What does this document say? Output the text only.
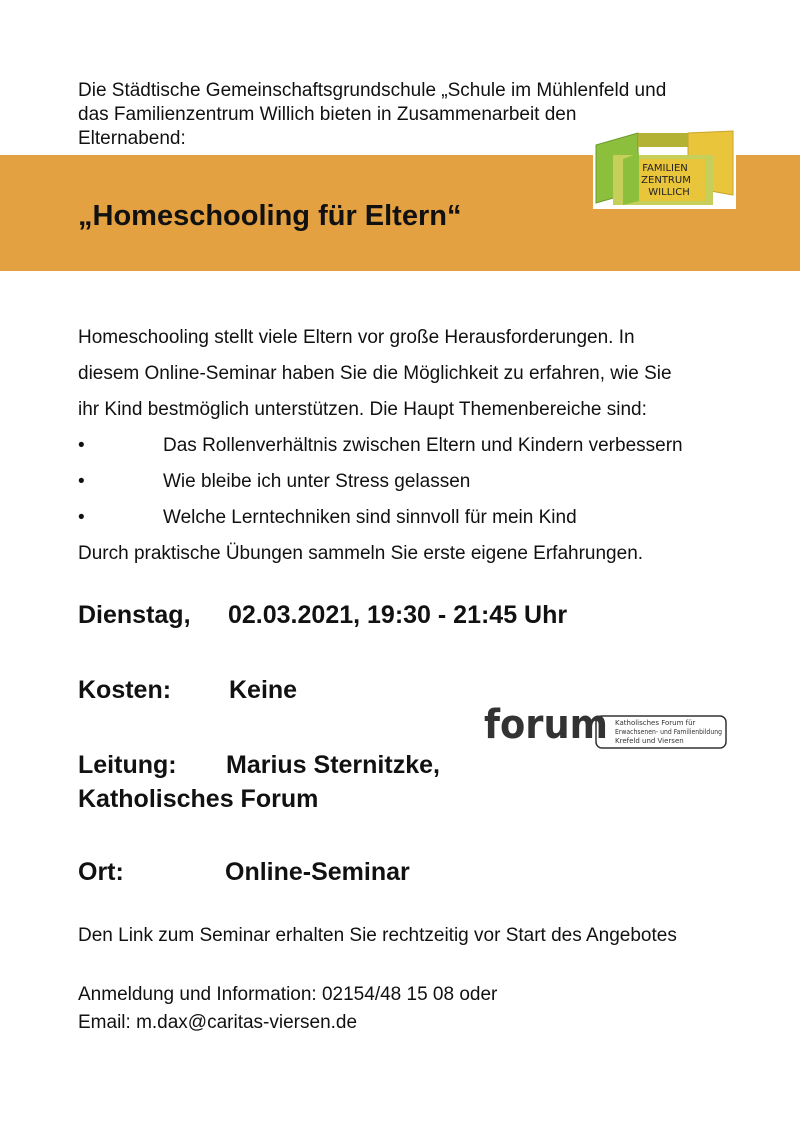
Die Städtische Gemeinschaftsgrundschule „Schule im Mühlenfeld und
das Familienzentrum Willich bieten in Zusammenarbeit den
Elternabend:
„Homeschooling für Eltern“
FAMILIEN
ZENTRUM
WILLICH
Homeschooling stellt viele Eltern vor große Herausforderungen. In
diesem Online-Seminar haben Sie die Möglichkeit zu erfahren, wie Sie
ihr Kind bestmöglich unterstützen. Die Haupt Themenbereiche sind:
•	Das Rollenverhältnis zwischen Eltern und Kindern verbessern
•	Wie bleibe ich unter Stress gelassen
•	Welche Lerntechniken sind sinnvoll für mein Kind
Durch praktische Übungen sammeln Sie erste eigene Erfahrungen.
Dienstag, 02.03.2021, 19:30 - 21:45 Uhr
Kosten: Keine
Leitung: Marius Sternitzke,
Katholisches Forum
Ort:	Online-Seminar
forum Katholisches Forum für
Erwachsenen- und Familienbildung
Krefeld und Viersen
Den Link zum Seminar erhalten Sie rechtzeitig vor Start des Angebotes
Anmeldung und Information: 02154/48 15 08 oder
Email: m.dax@caritas-viersen.de
